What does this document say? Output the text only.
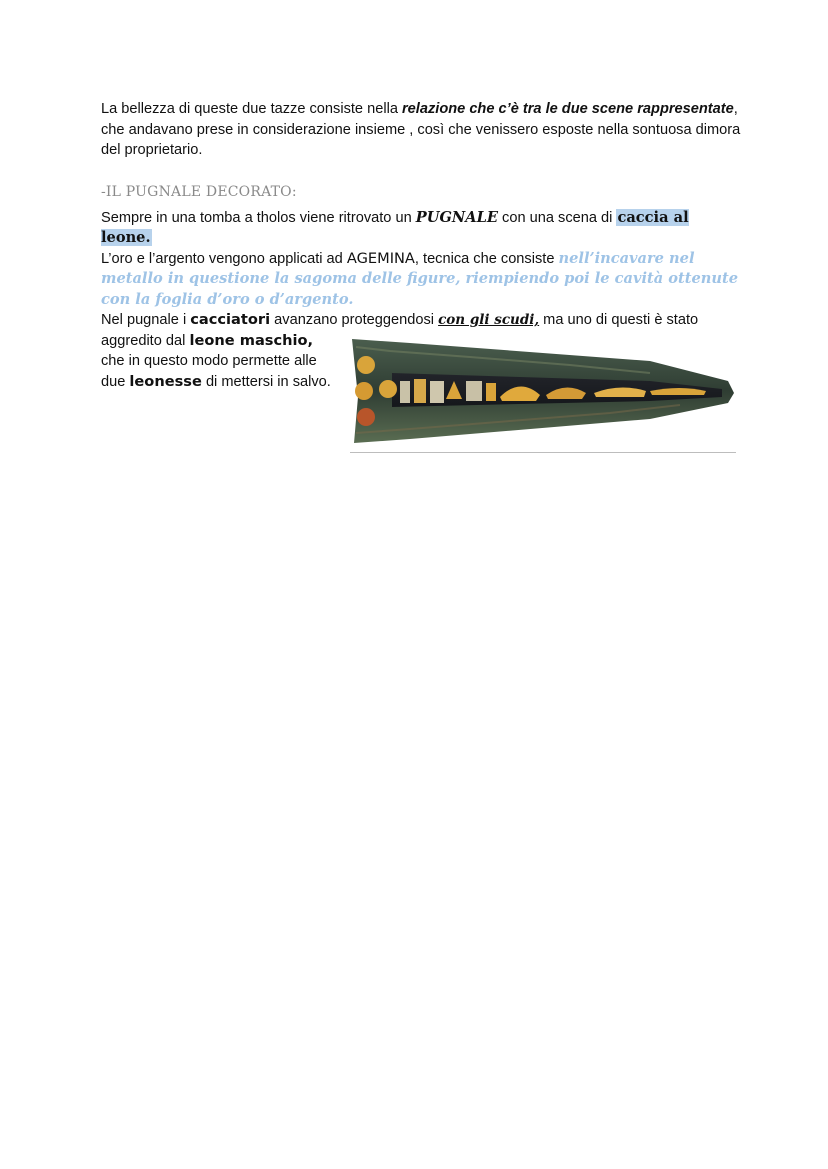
La bellezza di queste due tazze consiste nella relazione che c’è tra le due scene rappresentate, che andavano prese in considerazione insieme , così che venissero esposte nella sontuosa dimora del proprietario.

-IL PUGNALE DECORATO:

Sempre in una tomba a tholos viene ritrovato un PUGNALE con una scena di caccia al leone.

L’oro e l’argento vengono applicati ad AGEMINA, tecnica che consiste nell’incavare nel metallo in questione la sagoma delle figure, riempiendo poi le cavità ottenute con la foglia d’oro o d’argento.

Nel pugnale i cacciatori avanzano proteggendosi con gli scudi, ma uno di questi è stato

aggredito dal leone maschio,

che in questo modo permette alle

due leonesse di mettersi in salvo.
